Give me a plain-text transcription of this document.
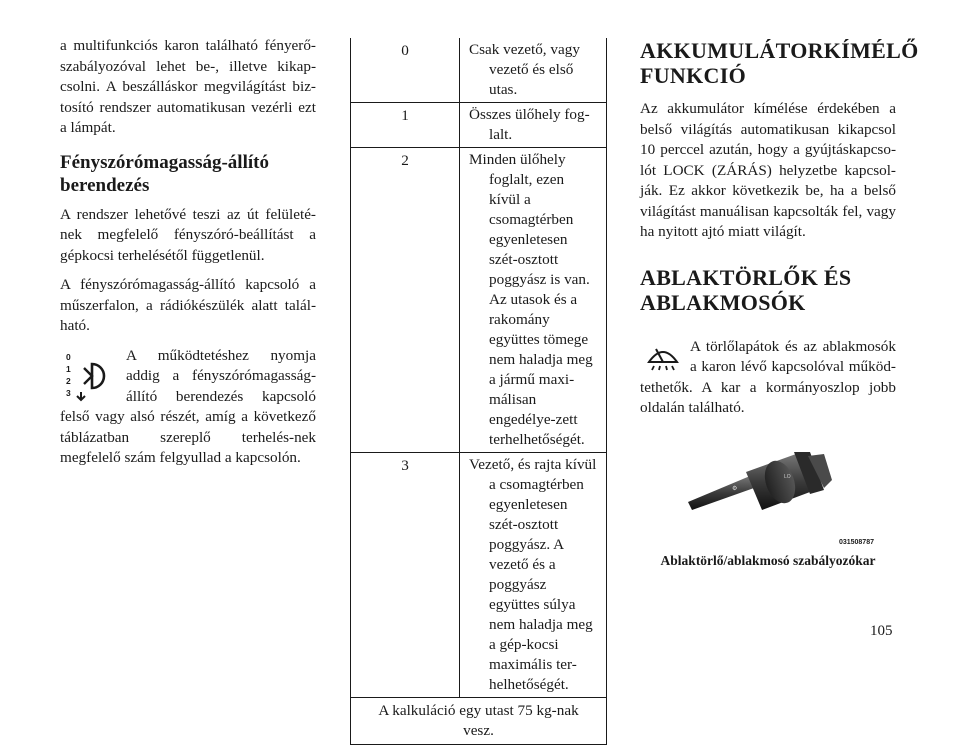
a multifunkciós karon található fényerő-szabályozóval lehet be-, illetve kikap-csolni. A beszálláskor megvilágítást biz-tosító rendszer automatikusan vezérli ezt a lámpát.

Fényszórómagasság-állító berendezés

A rendszer lehetővé teszi az út felületé-nek megfelelő fényszóró-beállítást a gépkocsi terhelésétől függetlenül.

A fényszórómagasság-állító kapcsoló a műszerfalon, a rádiókészülék alatt talál-ható.

0
1
2
3
A működtetéshez nyomja addig a fényszórómagasság-állító berendezés kapcsoló felső vagy alsó részét, amíg a következő táblázatban szereplő terhelés-nek megfelelő szám felgyullad a kapcsolón.

0	Csak vezető, vagy
vezető és első utas.

1	Összes ülőhely fog-
lalt.

2	Minden ülőhely
foglalt, ezen kívül a csomagtérben egyenletesen szét-osztott poggyász is van. Az utasok és a rakomány együttes tömege nem haladja meg a jármű maxi-málisan engedélye-zett terhelhetőségét.

3	Vezető, és rajta kívül
a csomagtérben egyenletesen szét-osztott poggyász. A vezető és a poggyász együttes súlya nem haladja meg a gép-kocsi maximális ter-helhetőségét.

A kalkuláció egy utast 75 kg-nak vesz.	
AKKUMULÁTORKÍMÉLŐ FUNKCIÓ

Az akkumulátor kímélése érdekében a belső világítás automatikusan kikapcsol 10 perccel azután, hogy a gyújtáskapcso-lót LOCK (ZÁRÁS) helyzetbe kapcsol-ják. Ez akkor következik be, ha a belső világítást manuálisan kapcsolták fel, vagy ha nyitott ajtó miatt világít.

ABLAKTÖRLŐK ÉS ABLAKMOSÓK

A törlőlapátok és az ablakmosók a karon lévő kapcsolóval működ-tethetők. A kar a kormányoszlop jobb oldalán található.

⚙
LO
031508787
Ablaktörlő/ablakmosó szabályozókar
105
